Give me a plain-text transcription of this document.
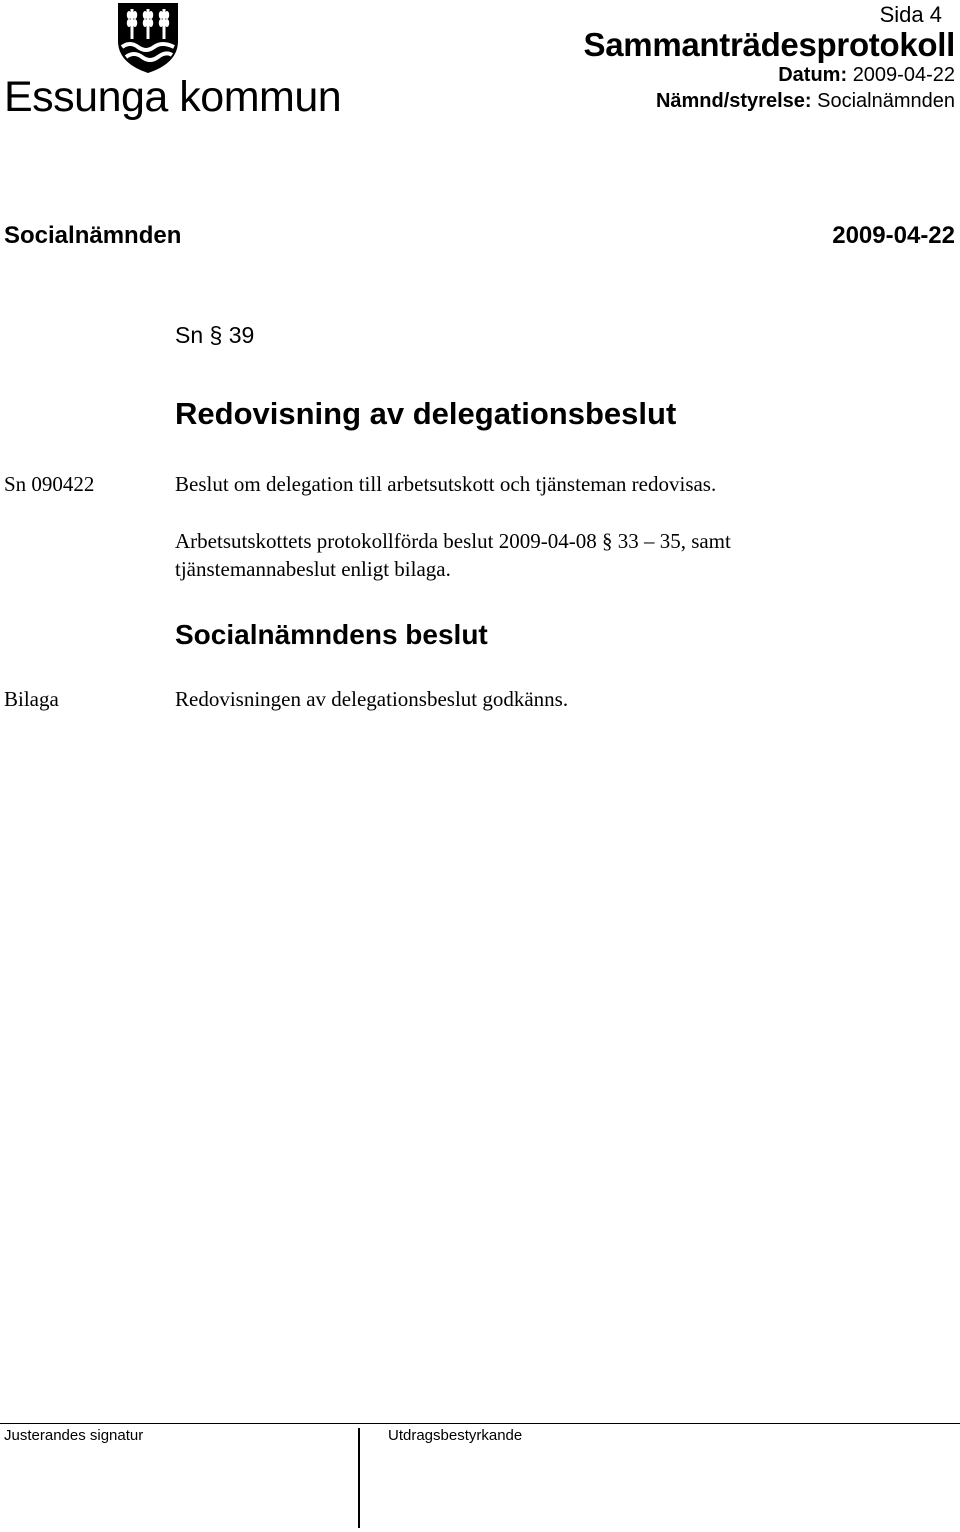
Essunga kommun
Sida 4
Sammanträdesprotokoll
Datum: 2009-04-22
Nämnd/styrelse: Socialnämnden
Socialnämnden	2009-04-22
Sn § 39
Redovisning av delegationsbeslut
Sn 090422	Beslut om delegation till arbetsutskott och tjänsteman redovisas.
Arbetsutskottets protokollförda beslut 2009-04-08 § 33 – 35, samt
tjänstemannabeslut enligt bilaga.
Socialnämndens beslut
Bilaga	Redovisningen av delegationsbeslut godkänns.
Justerandes signatur	Utdragsbestyrkande
